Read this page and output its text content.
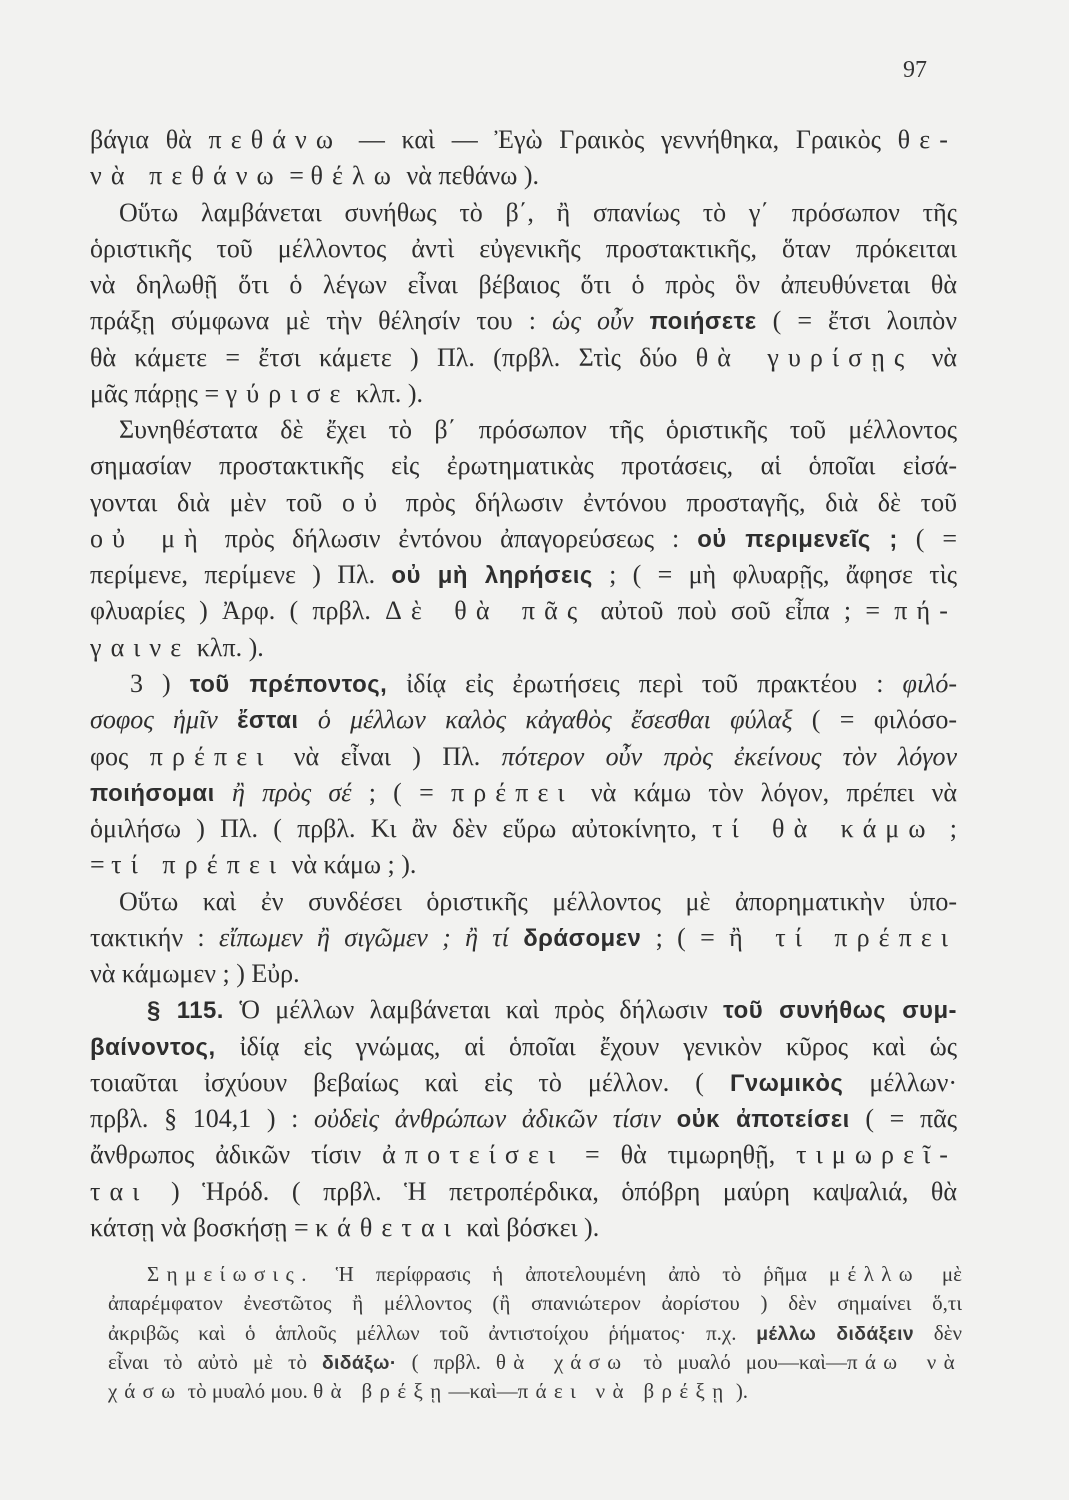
97
βάγια θὰ πεθάνω — καὶ — Ἐγὼ Γραικὸς γεννήθηκα, Γραικὸς θε-
νὰ πεθάνω = θέλω νὰ πεθάνω ).
Οὕτω λαμβάνεται συνήθως τὸ β΄, ἢ σπανίως τὸ γ΄ πρόσωπον τῆς
ὁριστικῆς τοῦ μέλλοντος ἀντὶ εὐγενικῆς προστακτικῆς, ὅταν πρόκειται
νὰ δηλωθῇ ὅτι ὁ λέγων εἶναι βέβαιος ὅτι ὁ πρὸς ὃν ἀπευθύνεται θὰ
πράξῃ σύμφωνα μὲ τὴν θέλησίν του : ὡς οὖν ποιήσετε ( = ἔτσι λοιπὸν
θὰ κάμετε = ἔτσι κάμετε ) Πλ. (πρβλ. Στὶς δύο θὰ γυρίσῃς νὰ
μᾶς πάρῃς = γύρισε κλπ. ).
Συνηθέστατα δὲ ἔχει τὸ β΄ πρόσωπον τῆς ὁριστικῆς τοῦ μέλλοντος
σημασίαν προστακτικῆς εἰς ἐρωτηματικὰς προτάσεις, αἱ ὁποῖαι εἰσά-
γονται διὰ μὲν τοῦ οὐ πρὸς δήλωσιν ἐντόνου προσταγῆς, διὰ δὲ τοῦ
οὐ μὴ πρὸς δήλωσιν ἐντόνου ἀπαγορεύσεως : οὐ περιμενεῖς ; ( =
περίμενε, περίμενε ) Πλ. οὐ μὴ ληρήσεις ; ( = μὴ φλυαρῇς, ἄφησε τὶς
φλυαρίες ) Ἀρφ. ( πρβλ. Δὲ θὰ πᾶς αὐτοῦ ποὺ σοῦ εἶπα ; = πή-
γαινε κλπ. ).
3 ) τοῦ πρέποντος, ἰδίᾳ εἰς ἐρωτήσεις περὶ τοῦ πρακτέου : φιλό-
σοφος ἡμῖν ἔσται ὁ μέλλων καλὸς κἀγαθὸς ἔσεσθαι φύλαξ ( = φιλόσο-
φος πρέπει νὰ εἶναι ) Πλ. πότερον οὖν πρὸς ἐκείνους τὸν λόγον
ποιήσομαι ἢ πρὸς σέ ; ( = πρέπει νὰ κάμω τὸν λόγον, πρέπει νὰ
ὁμιλήσω ) Πλ. ( πρβλ. Κι ἂν δὲν εὕρω αὐτοκίνητο, τί θὰ κάμω ;
= τί πρέπει νὰ κάμω ; ).
Οὕτω καὶ ἐν συνδέσει ὁριστικῆς μέλλοντος μὲ ἀπορηματικὴν ὑπο-
τακτικήν : εἴπωμεν ἢ σιγῶμεν ; ἢ τί δράσομεν ; ( = ἢ τί πρέπει
νὰ κάμωμεν ; ) Εὐρ.
§ 115. Ὁ μέλλων λαμβάνεται καὶ πρὸς δήλωσιν τοῦ συνήθως συμ-
βαίνοντος, ἰδίᾳ εἰς γνώμας, αἱ ὁποῖαι ἔχουν γενικὸν κῦρος καὶ ὡς
τοιαῦται ἰσχύουν βεβαίως καὶ εἰς τὸ μέλλον. ( Γνωμικὸς μέλλων·
πρβλ. § 104,1 ) : οὐδεὶς ἀνθρώπων ἀδικῶν τίσιν οὐκ ἀποτείσει ( = πᾶς
ἄνθρωπος ἀδικῶν τίσιν ἀποτείσει = θὰ τιμωρηθῇ, τιμωρεῖ-
ται ) Ἡρόδ. ( πρβλ. Ἡ πετροπέρδικα, ὁπόβρη μαύρη καψαλιά, θὰ
κάτσῃ νὰ βοσκήσῃ = κάθεται καὶ βόσκει ).
Σημείωσις. Ἡ περίφρασις ἡ ἀποτελουμένη ἀπὸ τὸ ῥῆμα μέλλω μὲ
ἀπαρέμφατον ἐνεστῶτος ἢ μέλλοντος (ἢ σπανιώτερον ἀορίστου ) δὲν σημαίνει ὅ,τι
ἀκριβῶς καὶ ὁ ἁπλοῦς μέλλων τοῦ ἀντιστοίχου ῥήματος· π.χ. μέλλω διδάξειν δὲν
εἶναι τὸ αὐτὸ μὲ τὸ διδάξω· ( πρβλ. θὰ χάσω τὸ μυαλό μου—καὶ—πάω νὰ
χάσω τὸ μυαλό μου. θὰ βρέξῃ—καὶ—πάει νὰ βρέξῃ ).
